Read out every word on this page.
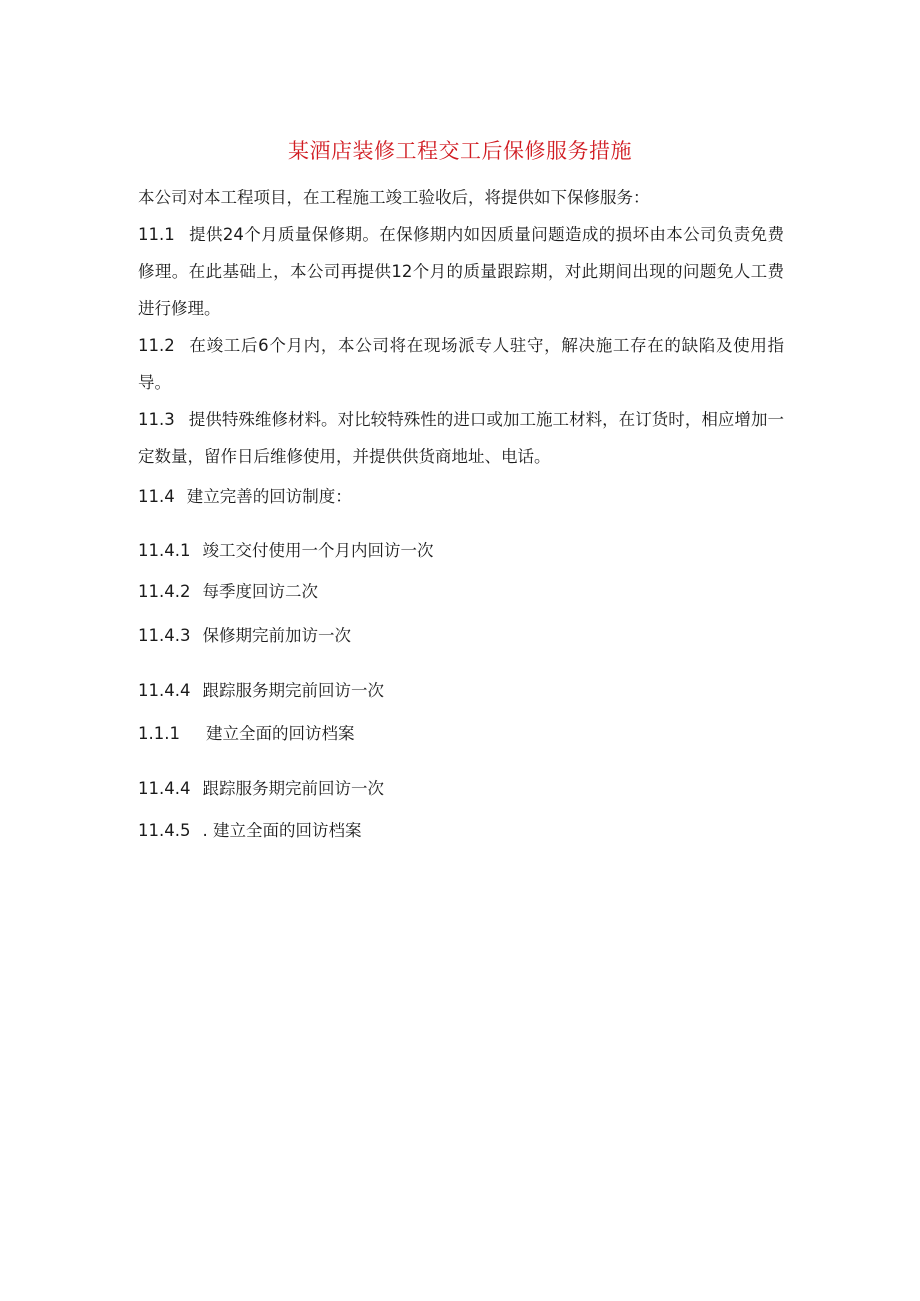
某酒店装修工程交工后保修服务措施

本公司对本工程项目，在工程施工竣工验收后，将提供如下保修服务：

11.1 提供24个月质量保修期。在保修期内如因质量问题造成的损坏由本公司负责免费修理。在此基础上，本公司再提供12个月的质量跟踪期，对此期间出现的问题免人工费进行修理。

11.2 在竣工后6个月内，本公司将在现场派专人驻守，解决施工存在的缺陷及使用指导。

11.3 提供特殊维修材料。对比较特殊性的进口或加工施工材料，在订货时，相应增加一定数量，留作日后维修使用，并提供供货商地址、电话。

11.4 建立完善的回访制度：
11.4.1 竣工交付使用一个月内回访一次
11.4.2 每季度回访二次
11.4.3 保修期完前加访一次
11.4.4 跟踪服务期完前回访一次
1.1.1 建立全面的回访档案
11.4.4 跟踪服务期完前回访一次
11.4.5 . 建立全面的回访档案
